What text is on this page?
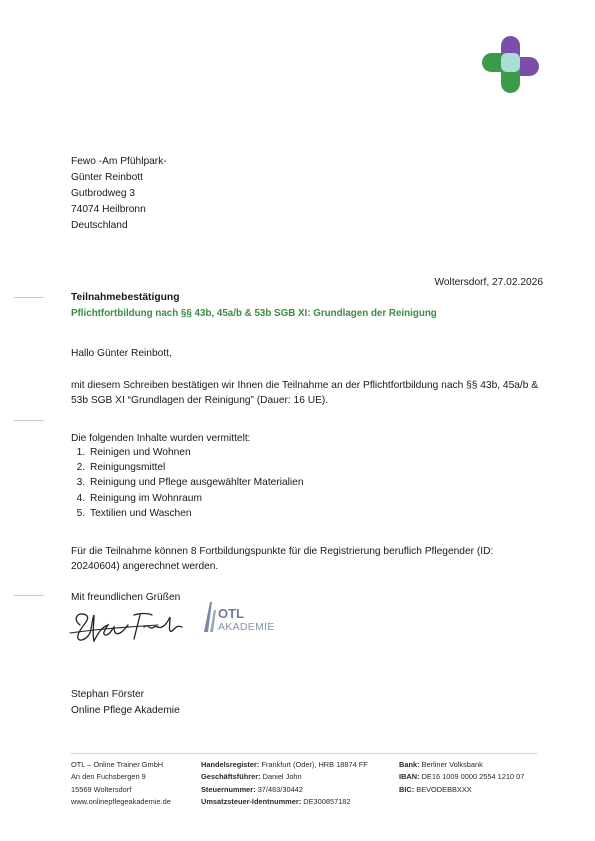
Fewo -Am Pfühlpark-
Günter Reinbott
Gutbrodweg 3
74074 Heilbronn
Deutschland
Woltersdorf, 27.02.2026
Teilnahmebestätigung
Pflichtfortbildung nach §§ 43b, 45a/b & 53b SGB XI: Grundlagen der Reinigung
Hallo Günter Reinbott,
mit diesem Schreiben bestätigen wir Ihnen die Teilnahme an der Pflichtfortbildung nach §§ 43b, 45a/b & 53b SGB XI “Grundlagen der Reinigung” (Dauer: 16 UE).
Die folgenden Inhalte wurden vermittelt:
1. Reinigen und Wohnen
2. Reinigungsmittel
3. Reinigung und Pflege ausgewählter Materialien
4. Reinigung im Wohnraum
5. Textilien und Waschen
Für die Teilnahme können 8 Fortbildungspunkte für die Registrierung beruflich Pflegender (ID: 20240604) angerechnet werden.
Mit freundlichen Grüßen
OTL
AKADEMIE
Stephan Förster
Online Pflege Akademie
OTL – Online Trainer GmbH
An den Fuchsbergen 9
15569 Woltersdorf
www.onlinepflegeakademie.de
Handelsregister: Frankfurt (Oder), HRB 18874 FF
Geschäftsführer: Daniel John
Steuernummer: 37/463/30442
Umsatzsteuer-Identnummer: DE300857182
Bank: Berliner Volksbank
IBAN: DE16 1009 0000 2554 1210 07
BIC: BEVODEBBXXX
